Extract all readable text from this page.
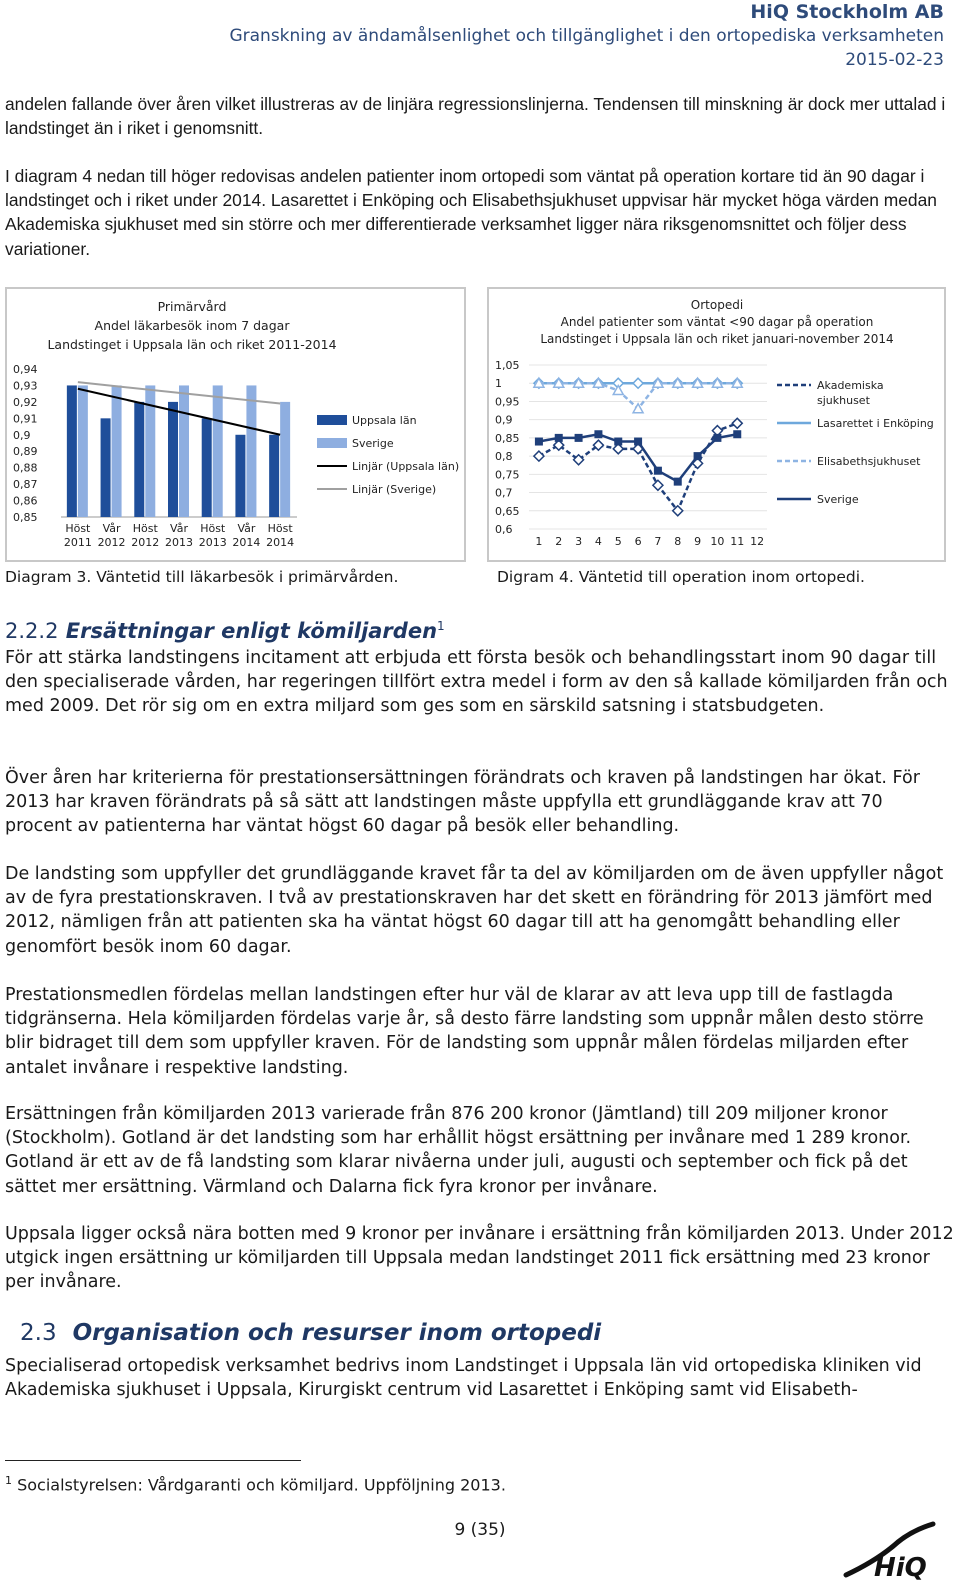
HiQ Stockholm AB
Granskning av ändamålsenlighet och tillgänglighet i den ortopediska verksamheten
2015-02-23

andelen fallande över åren vilket illustreras av de linjära regressionslinjerna. Tendensen till minskning är dock mer uttalad i landstinget än i riket i genomsnitt.

I diagram 4 nedan till höger redovisas andelen patienter inom ortopedi som väntat på operation kortare tid än 90 dagar i landstinget och i riket under 2014. Lasarettet i Enköping och Elisabethsjukhuset uppvisar här mycket höga värden medan Akademiska sjukhuset med sin större och mer differentierade verksamhet ligger nära riksgenomsnittet och följer dess variationer.

Primärvård
Andel läkarbesök inom 7 dagar
Landstinget i Uppsala län och riket 2011-2014
0,94
0,93
0,92
0,91
0,9
0,89
0,88
0,87
0,86
0,85
Höst
2011
Vår
2012
Höst
2012
Vår
2013
Höst
2013
Vår
2014
Höst
2014
Uppsala län
Sverige
Linjär (Uppsala län)
Linjär (Sverige)
Ortopedi
Andel patienter som väntat <90 dagar på operation
Landstinget i Uppsala län och riket januari-november 2014
1,05
1
0,95
0,9
0,85
0,8
0,75
0,7
0,65
0,6
1 2 3 4 5 6 7 8 9 10 11 12
Akademiska
sjukhuset
Lasarettet i Enköping
Elisabethsjukhuset
Sverige
Diagram 3. Väntetid till läkarbesök i primärvården.	Digram 4. Väntetid till operation inom ortopedi.
2.2.2 Ersättningar enligt kömiljarden$^1$

För att stärka landstingens incitament att erbjuda ett första besök och behandlingsstart inom 90 dagar till den specialiserade vården, har regeringen tillfört extra medel i form av den så kallade kömiljarden från och med 2009. Det rör sig om en extra miljard som ges som en särskild satsning i statsbudgeten.

Över åren har kriterierna för prestationsersättningen förändrats och kraven på landstingen har ökat. För 2013 har kraven förändrats på så sätt att landstingen måste uppfylla ett grundläggande krav att 70 procent av patienterna har väntat högst 60 dagar på besök eller behandling.

De landsting som uppfyller det grundläggande kravet får ta del av kömiljarden om de även uppfyller något av de fyra prestationskraven. I två av prestationskraven har det skett en förändring för 2013 jämfört med 2012, nämligen från att patienten ska ha väntat högst 60 dagar till att ha genomgått behandling eller genomfört besök inom 60 dagar.

Prestationsmedlen fördelas mellan landstingen efter hur väl de klarar av att leva upp till de fastlagda tidgränserna. Hela kömiljarden fördelas varje år, så desto färre landsting som uppnår målen desto större blir bidraget till dem som uppfyller kraven. För de landsting som uppnår målen fördelas miljarden efter antalet invånare i respektive landsting.

Ersättningen från kömiljarden 2013 varierade från 876 200 kronor (Jämtland) till 209 miljoner kronor (Stockholm). Gotland är det landsting som har erhållit högst ersättning per invånare med 1 289 kronor. Gotland är ett av de få landsting som klarar nivåerna under juli, augusti och september och fick på det sättet mer ersättning. Värmland och Dalarna fick fyra kronor per invånare.

Uppsala ligger också nära botten med 9 kronor per invånare i ersättning från kömiljarden 2013. Under 2012 utgick ingen ersättning ur kömiljarden till Uppsala medan landstinget 2011 fick ersättning med 23 kronor per invånare.

2.3 Organisation och resurser inom ortopedi

Specialiserad ortopedisk verksamhet bedrivs inom Landstinget i Uppsala län vid ortopediska kliniken vid Akademiska sjukhuset i Uppsala, Kirurgiskt centrum vid Lasarettet i Enköping samt vid Elisabeth-

$^1$ Socialstyrelsen: Vårdgaranti och kömiljard. Uppföljning 2013.
9 (35)
HiQ
